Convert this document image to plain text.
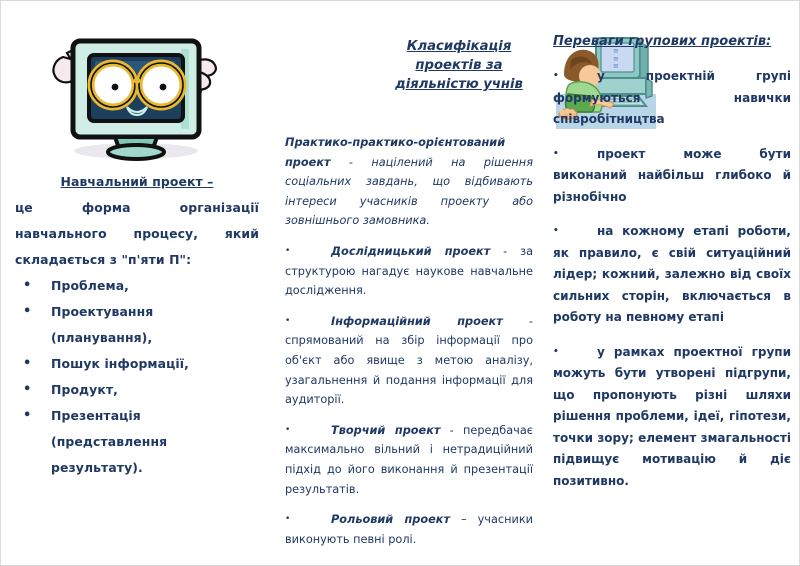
Навчальний проект –
це форма організації навчального процесу, який складається з "п'яти П":
• Проблема,
• Проектування
(планування),
• Пошук інформації,
• Продукт,
• Презентація
(представлення результату).
≡
≡
≡
Класифікація
проектів за
діяльністю учнів

Практико-практико-орієнтований проект - націлений на рішення соціальних завдань, що відбивають інтереси учасників проекту або зовнішнього замовника.

•	Дослідницький проект - за структурою нагадує наукове навчальне дослідження.

•	Інформаційний проект - спрямований на збір інформації про об'єкт або явище з метою аналізу, узагальнення й подання інформації для аудиторії.

•	Творчий проект - передбачає максимально вільний і нетрадиційний підхід до його виконання й презентації результатів.

•	Рольовий проект – учасники виконують певні ролі.

Переваги групових проектів:

•	у проектній групі формуються навички співробітництва

•	проект може бути виконаний найбільш глибоко й різнобічно

•	на кожному етапі роботи, як правило, є свій ситуаційний лідер; кожний, залежно від своїх сильних сторін, включається в роботу на певному етапі

•	у рамках проектної групи можуть бути утворені підгрупи, що пропонують різні шляхи рішення проблеми, ідеї, гіпотези, точки зору; елемент змагальності підвищує мотивацію й діє позитивно.
